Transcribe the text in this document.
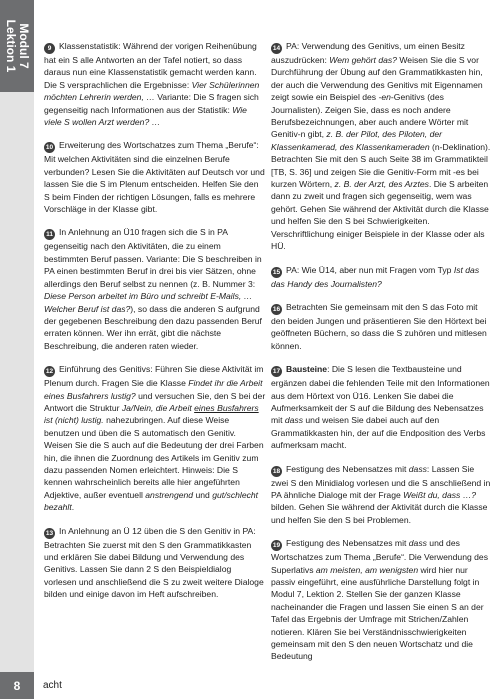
Modul 7
Lektion 1
8 acht

9 Klassenstatistik: Während der vorigen Reihenübung hat ein S alle Antworten an der Tafel notiert, so dass daraus nun eine Klassenstatistik gemacht werden kann. Die S versprachlichen die Ergebnisse: Vier Schülerinnen möchten Lehrerin werden, … Variante: Die S fragen sich gegenseitig nach Informationen aus der Statistik: Wie viele S wollen Arzt werden? …

10 Erweiterung des Wortschatzes zum Thema „Berufe“: Mit welchen Aktivitäten sind die einzelnen Berufe verbunden? Lesen Sie die Aktivitäten auf Deutsch vor und lassen Sie die S im Plenum entscheiden. Helfen Sie den S beim Finden der richtigen Lösungen, falls es mehrere Vorschläge in der Klasse gibt.

11 In Anlehnung an Ü10 fragen sich die S in PA gegenseitig nach den Aktivitäten, die zu einem bestimmten Beruf passen. Variante: Die S beschreiben in PA einen bestimmten Beruf in drei bis vier Sätzen, ohne allerdings den Beruf selbst zu nennen (z. B. Nummer 3: Diese Person arbeitet im Büro und schreibt E-Mails, … Welcher Beruf ist das?), so dass die anderen S aufgrund der gegebenen Beschreibung den dazu passenden Beruf erraten können. Wer ihn errät, gibt die nächste Beschreibung, die anderen raten wieder.

12 Einführung des Genitivs: Führen Sie diese Aktivität im Plenum durch. Fragen Sie die Klasse Findet ihr die Arbeit eines Busfahrers lustig? und versuchen Sie, den S bei der Antwort die Struktur Ja/Nein, die Arbeit eines Busfahrers ist (nicht) lustig. nahezubringen. Auf diese Weise benutzen und üben die S automatisch den Genitiv. Weisen Sie die S auch auf die Bedeutung der drei Farben hin, die ihnen die Zuordnung des Artikels im Genitiv zum dazu passenden Nomen erleichtert. Hinweis: Die S kennen wahrscheinlich bereits alle hier angeführten Adjektive, außer eventuell anstrengend und gut/schlecht bezahlt.

13 In Anlehnung an Ü 12 üben die S den Genitiv in PA: Betrachten Sie zuerst mit den S den Grammatikkasten und erklären Sie dabei Bildung und Verwendung des Genitivs. Lassen Sie dann 2 S den Beispieldialog vorlesen und anschließend die S zu zweit weitere Dialoge bilden und einige davon im Heft aufschreiben.

14 PA: Verwendung des Genitivs, um einen Besitz auszudrücken: Wem gehört das? Weisen Sie die S vor Durchführung der Übung auf den Grammatikkasten hin, der auch die Verwendung des Genitivs mit Eigennamen zeigt sowie ein Beispiel des -en-Genitivs (des Journalisten). Zeigen Sie, dass es noch andere Berufsbezeichnungen, aber auch andere Wörter mit Genitiv-n gibt, z. B. der Pilot, des Piloten, der Klassenkamerad, des Klassenkameraden (n-Deklination). Betrachten Sie mit den S auch Seite 38 im Grammatikteil [TB, S. 36] und zeigen Sie die Genitiv-Form mit -es bei kurzen Wörtern, z. B. der Arzt, des Arztes. Die S arbeiten dann zu zweit und fragen sich gegenseitig, wem was gehört. Gehen Sie während der Aktivität durch die Klasse und helfen Sie den S bei Schwierigkeiten. Verschriftlichung einiger Beispiele in der Klasse oder als HÜ.

15 PA: Wie Ü14, aber nun mit Fragen vom Typ Ist das das Handy des Journalisten?

16 Betrachten Sie gemeinsam mit den S das Foto mit den beiden Jungen und präsentieren Sie den Hörtext bei geöffneten Büchern, so dass die S zuhören und mitlesen können.

17 Bausteine: Die S lesen die Textbausteine und ergänzen dabei die fehlenden Teile mit den Informationen aus dem Hörtext von Ü16. Lenken Sie dabei die Aufmerksamkeit der S auf die Bildung des Nebensatzes mit dass und weisen Sie dabei auch auf den Grammatikkasten hin, der auf die Endposition des Verbs aufmerksam macht.

18 Festigung des Nebensatzes mit dass: Lassen Sie zwei S den Minidialog vorlesen und die S anschließend in PA ähnliche Dialoge mit der Frage Weißt du, dass …? bilden. Gehen Sie während der Aktivität durch die Klasse und helfen Sie den S bei Problemen.

19 Festigung des Nebensatzes mit dass und des Wortschatzes zum Thema „Berufe“. Die Verwendung des Superlativs am meisten, am wenigsten wird hier nur passiv eingeführt, eine ausführliche Darstellung folgt in Modul 7, Lektion 2. Stellen Sie der ganzen Klasse nacheinander die Fragen und lassen Sie einen S an der Tafel das Ergebnis der Umfrage mit Strichen/Zahlen notieren. Klären Sie bei Verständnisschwierigkeiten gemeinsam mit den S den neuen Wortschatz und die Bedeutung
